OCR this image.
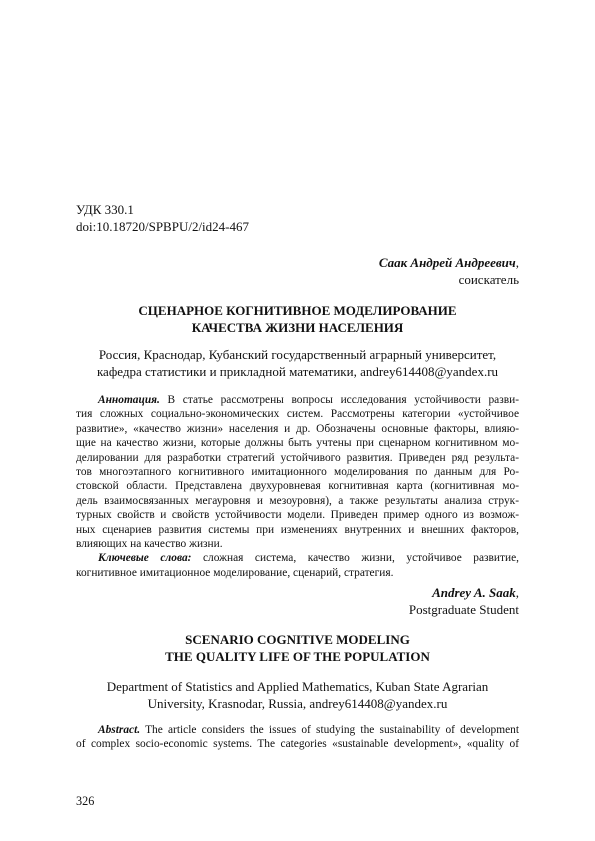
УДК 330.1
doi:10.18720/SPBPU/2/id24-467
Саак Андрей Андреевич,
соискатель
СЦЕНАРНОЕ КОГНИТИВНОЕ МОДЕЛИРОВАНИЕ
КАЧЕСТВА ЖИЗНИ НАСЕЛЕНИЯ
Россия, Краснодар, Кубанский государственный аграрный университет,
кафедра статистики и прикладной математики, andrey614408@yandex.ru
Аннотация. В статье рассмотрены вопросы исследования устойчивости разви-
тия сложных социально-экономических систем. Рассмотрены категории «устойчивое
развитие», «качество жизни» населения и др. Обозначены основные факторы, влияю-
щие на качество жизни, которые должны быть учтены при сценарном когнитивном мо-
делировании для разработки стратегий устойчивого развития. Приведен ряд результа-
тов многоэтапного когнитивного имитационного моделирования по данным для Ро-
стовской области. Представлена двухуровневая когнитивная карта (когнитивная мо-
дель взаимосвязанных мегауровня и мезоуровня), а также результаты анализа струк-
турных свойств и свойств устойчивости модели. Приведен пример одного из возмож-
ных сценариев развития системы при изменениях внутренних и внешних факторов,
влияющих на качество жизни.
Ключевые слова: сложная система, качество жизни, устойчивое развитие,
когнитивное имитационное моделирование, сценарий, стратегия.
Andrey A. Saak,
Postgraduate Student
SCENARIO COGNITIVE MODELING
THE QUALITY LIFE OF THE POPULATION
Department of Statistics and Applied Mathematics, Kuban State Agrarian
University, Krasnodar, Russia, andrey614408@yandex.ru
Abstract. The article considers the issues of studying the sustainability of development
of complex socio-economic systems. The categories «sustainable development», «quality of
326
